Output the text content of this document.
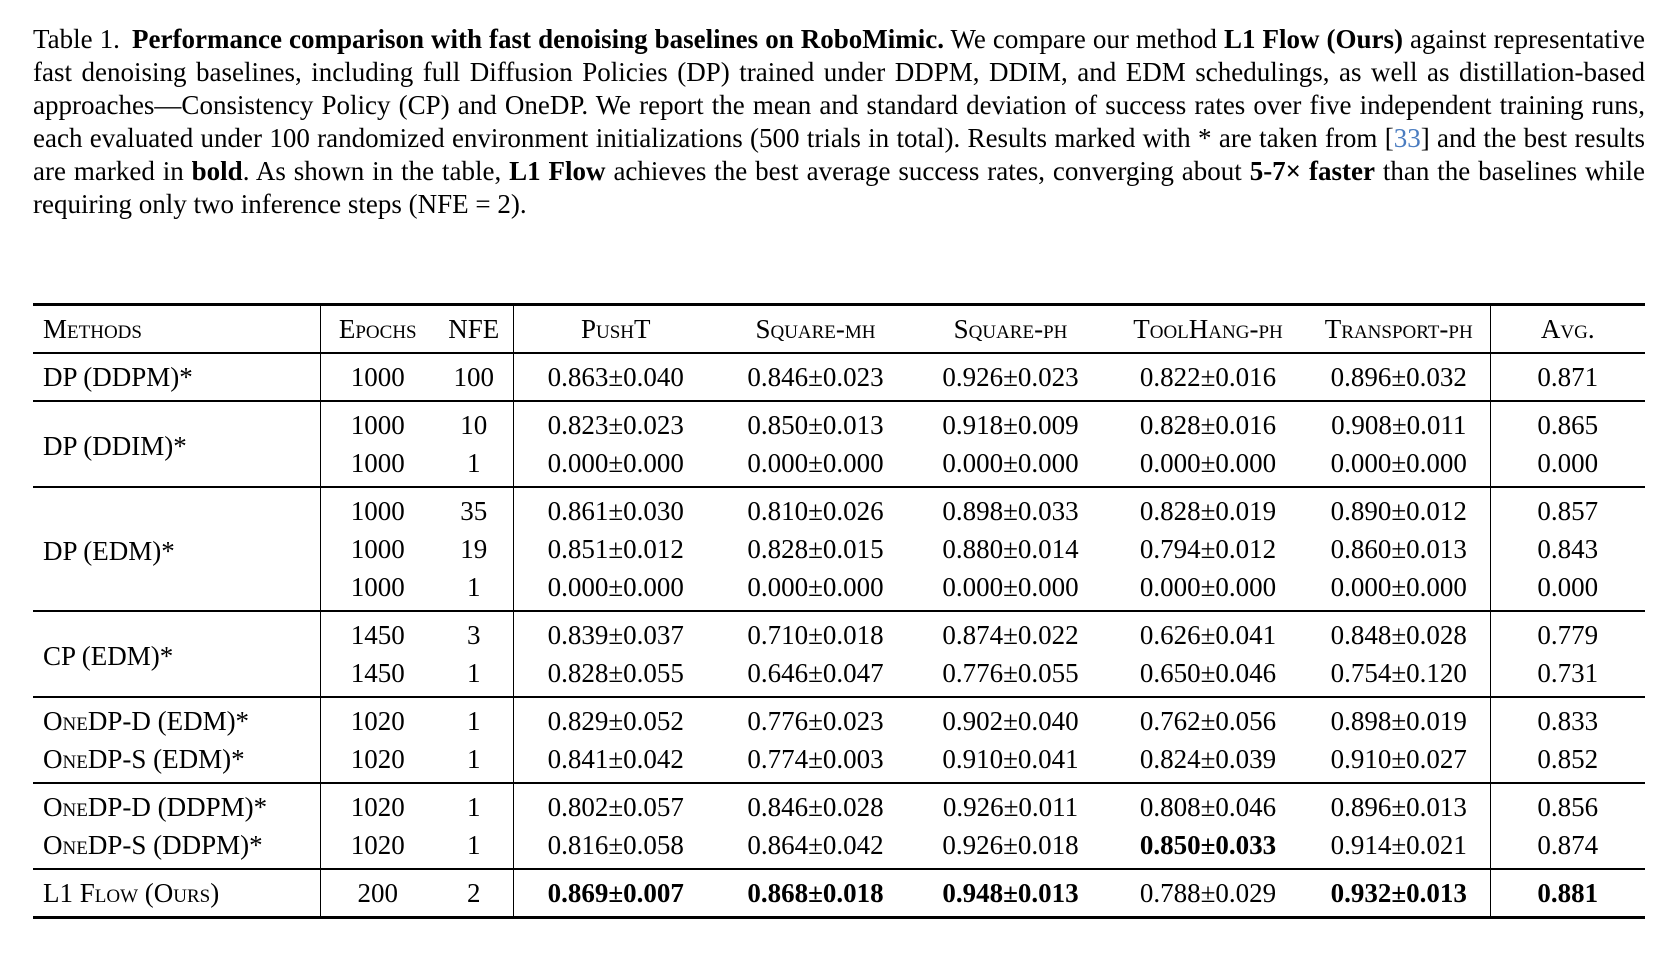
Table 1. Performance comparison with fast denoising baselines on RoboMimic. We compare our method L1 Flow (Ours) against representative fast denoising baselines, including full Diffusion Policies (DP) trained under DDPM, DDIM, and EDM schedulings, as well as distillation-based approaches—Consistency Policy (CP) and OneDP. We report the mean and standard deviation of success rates over five independent training runs, each evaluated under 100 randomized environment initializations (500 trials in total). Results marked with * are taken from [33] and the best results are marked in bold. As shown in the table, L1 Flow achieves the best average success rates, converging about 5-7× faster than the baselines while requiring only two inference steps (NFE = 2).

Methods	Epochs	NFE	PushT	Square-mh	Square-ph	ToolHang-ph	Transport-ph	Avg.
DP (DDPM)*	1000	100	0.863±0.040	0.846±0.023	0.926±0.023	0.822±0.016	0.896±0.032	0.871
DP (DDIM)*	1000	10	0.823±0.023	0.850±0.013	0.918±0.009	0.828±0.016	0.908±0.011	0.865
	1000	1	0.000±0.000	0.000±0.000	0.000±0.000	0.000±0.000	0.000±0.000	0.000
DP (EDM)*	1000	35	0.861±0.030	0.810±0.026	0.898±0.033	0.828±0.019	0.890±0.012	0.857
	1000	19	0.851±0.012	0.828±0.015	0.880±0.014	0.794±0.012	0.860±0.013	0.843
	1000	1	0.000±0.000	0.000±0.000	0.000±0.000	0.000±0.000	0.000±0.000	0.000
CP (EDM)*	1450	3	0.839±0.037	0.710±0.018	0.874±0.022	0.626±0.041	0.848±0.028	0.779
	1450	1	0.828±0.055	0.646±0.047	0.776±0.055	0.650±0.046	0.754±0.120	0.731
OneDP-D (EDM)*	1020	1	0.829±0.052	0.776±0.023	0.902±0.040	0.762±0.056	0.898±0.019	0.833
OneDP-S (EDM)*	1020	1	0.841±0.042	0.774±0.003	0.910±0.041	0.824±0.039	0.910±0.027	0.852
OneDP-D (DDPM)*	1020	1	0.802±0.057	0.846±0.028	0.926±0.011	0.808±0.046	0.896±0.013	0.856
OneDP-S (DDPM)*	1020	1	0.816±0.058	0.864±0.042	0.926±0.018	0.850±0.033	0.914±0.021	0.874
L1 Flow (Ours)	200	2	0.869±0.007	0.868±0.018	0.948±0.013	0.788±0.029	0.932±0.013	0.881
